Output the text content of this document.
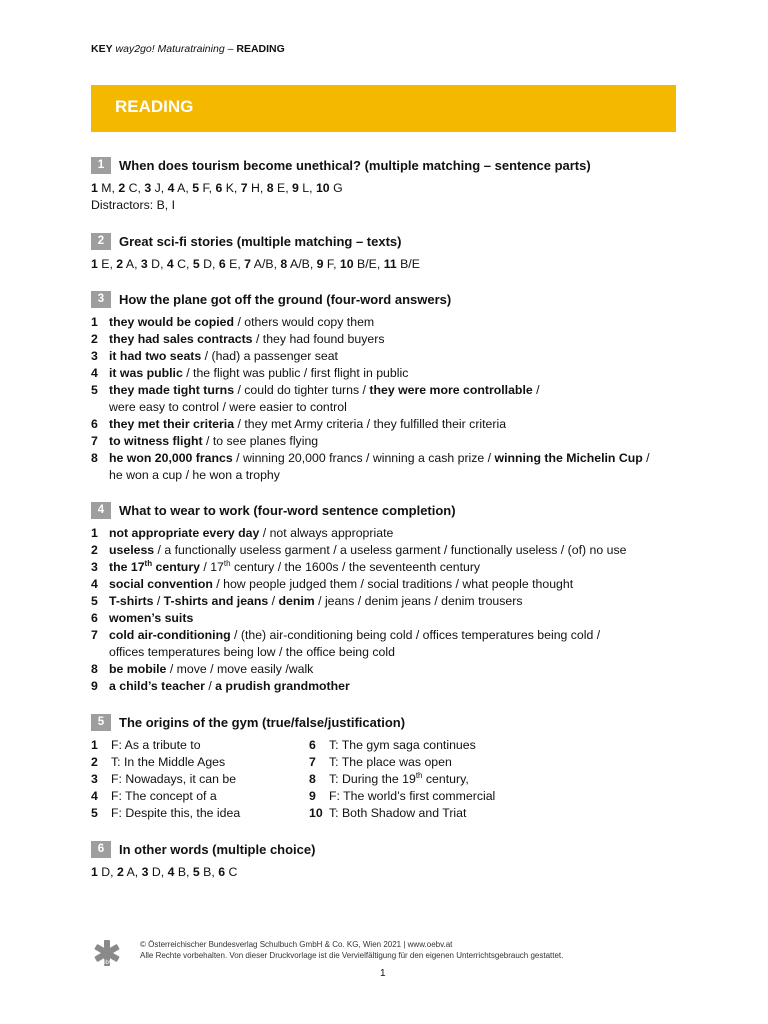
KEY way2go! Maturatraining – READING
READING
1	When does tourism become unethical? (multiple matching – sentence parts)
1 M, 2 C, 3 J, 4 A, 5 F, 6 K, 7 H, 8 E, 9 L, 10 G
Distractors: B, I
2	Great sci-fi stories (multiple matching – texts)
1 E, 2 A, 3 D, 4 C, 5 D, 6 E, 7 A/B, 8 A/B, 9 F, 10 B/E, 11 B/E
3	How the plane got off the ground (four-word answers)
1 they would be copied / others would copy them
2 they had sales contracts / they had found buyers
3 it had two seats / (had) a passenger seat
4 it was public / the flight was public / first flight in public
5 they made tight turns / could do tighter turns / they were more controllable /
were easy to control / were easier to control
6 they met their criteria / they met Army criteria / they fulfilled their criteria
7 to witness flight / to see planes flying
8 he won 20,000 francs / winning 20,000 francs / winning a cash prize / winning the Michelin Cup /
he won a cup / he won a trophy
4	What to wear to work (four-word sentence completion)
1 not appropriate every day / not always appropriate
2 useless / a functionally useless garment / a useless garment / functionally useless / (of) no use
3 the 17th century / 17th century / the 1600s / the seventeenth century
4 social convention / how people judged them / social traditions / what people thought
5 T-shirts / T-shirts and jeans / denim / jeans / denim jeans / denim trousers
6 women’s suits
7 cold air-conditioning / (the) air-conditioning being cold / offices temperatures being cold /
offices temperatures being low / the office being cold
8 be mobile / move / move easily /walk
9 a child’s teacher / a prudish grandmother
5	The origins of the gym (true/false/justification)
1	F: As a tribute to
2	T: In the Middle Ages
3	F: Nowadays, it can be
4	F: The concept of a
5	F: Despite this, the idea
6	T: The gym saga continues
7	T: The place was open
8	T: During the 19th century,
9	F: The world’s first commercial
10 T: Both Shadow and Triat
6	In other words (multiple choice)
1 D, 2 A, 3 D, 4 B, 5 B, 6 C
öbv
© Österreichischer Bundesverlag Schulbuch GmbH & Co. KG, Wien 2021 | www.oebv.at
Alle Rechte vorbehalten. Von dieser Druckvorlage ist die Vervielfältigung für den eigenen Unterrichtsgebrauch gestattet.
1
